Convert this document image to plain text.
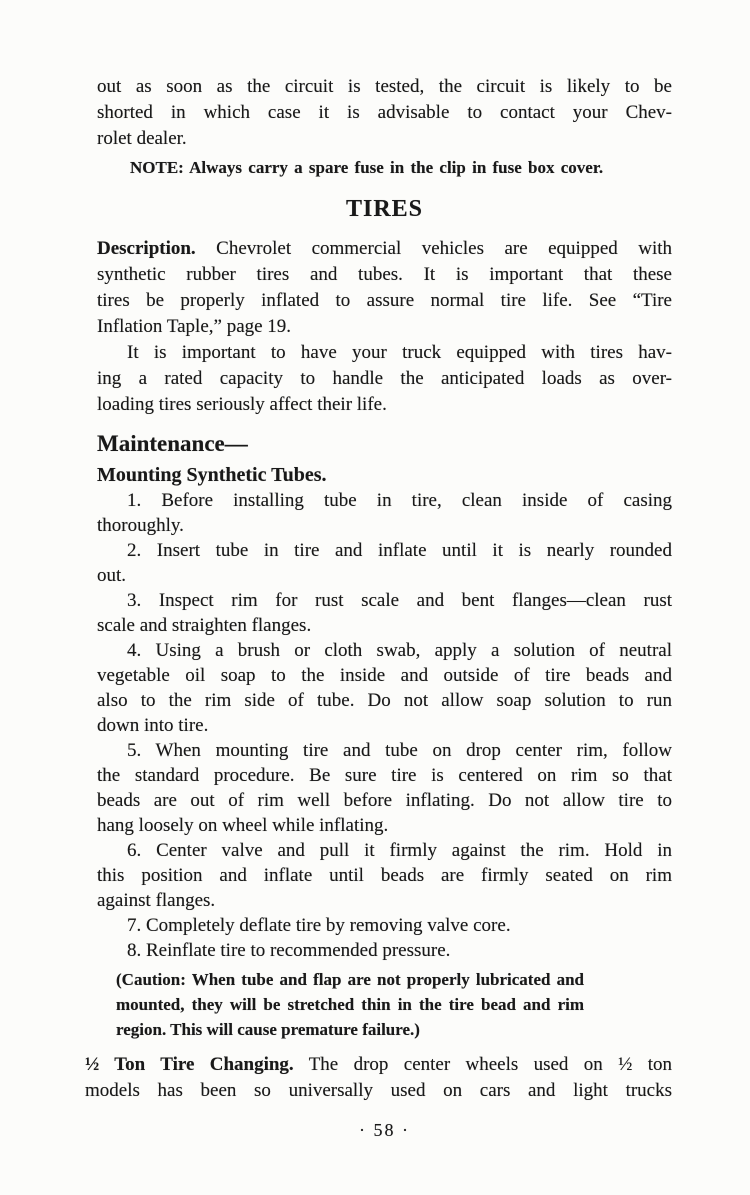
out as soon as the circuit is tested, the circuit is likely to be
shorted in which case it is advisable to contact your Chev-
rolet dealer.
NOTE: Always carry a spare fuse in the clip in fuse box cover.
TIRES
Description. Chevrolet commercial vehicles are equipped with
synthetic rubber tires and tubes. It is important that these
tires be properly inflated to assure normal tire life. See “Tire
Inflation Taple,” page 19.
It is important to have your truck equipped with tires hav-
ing a rated capacity to handle the anticipated loads as over-
loading tires seriously affect their life.
Maintenance—
Mounting Synthetic Tubes.
1. Before installing tube in tire, clean inside of casing
thoroughly.
2. Insert tube in tire and inflate until it is nearly rounded
out.
3. Inspect rim for rust scale and bent flanges—clean rust
scale and straighten flanges.
4. Using a brush or cloth swab, apply a solution of neutral
vegetable oil soap to the inside and outside of tire beads and
also to the rim side of tube. Do not allow soap solution to run
down into tire.
5. When mounting tire and tube on drop center rim, follow
the standard procedure. Be sure tire is centered on rim so that
beads are out of rim well before inflating. Do not allow tire to
hang loosely on wheel while inflating.
6. Center valve and pull it firmly against the rim. Hold in
this position and inflate until beads are firmly seated on rim
against flanges.
7. Completely deflate tire by removing valve core.
8. Reinflate tire to recommended pressure.
(Caution: When tube and flap are not properly lubricated and
mounted, they will be stretched thin in the tire bead and rim
region. This will cause premature failure.)
½ Ton Tire Changing. The drop center wheels used on ½ ton
models has been so universally used on cars and light trucks
· 58 ·
